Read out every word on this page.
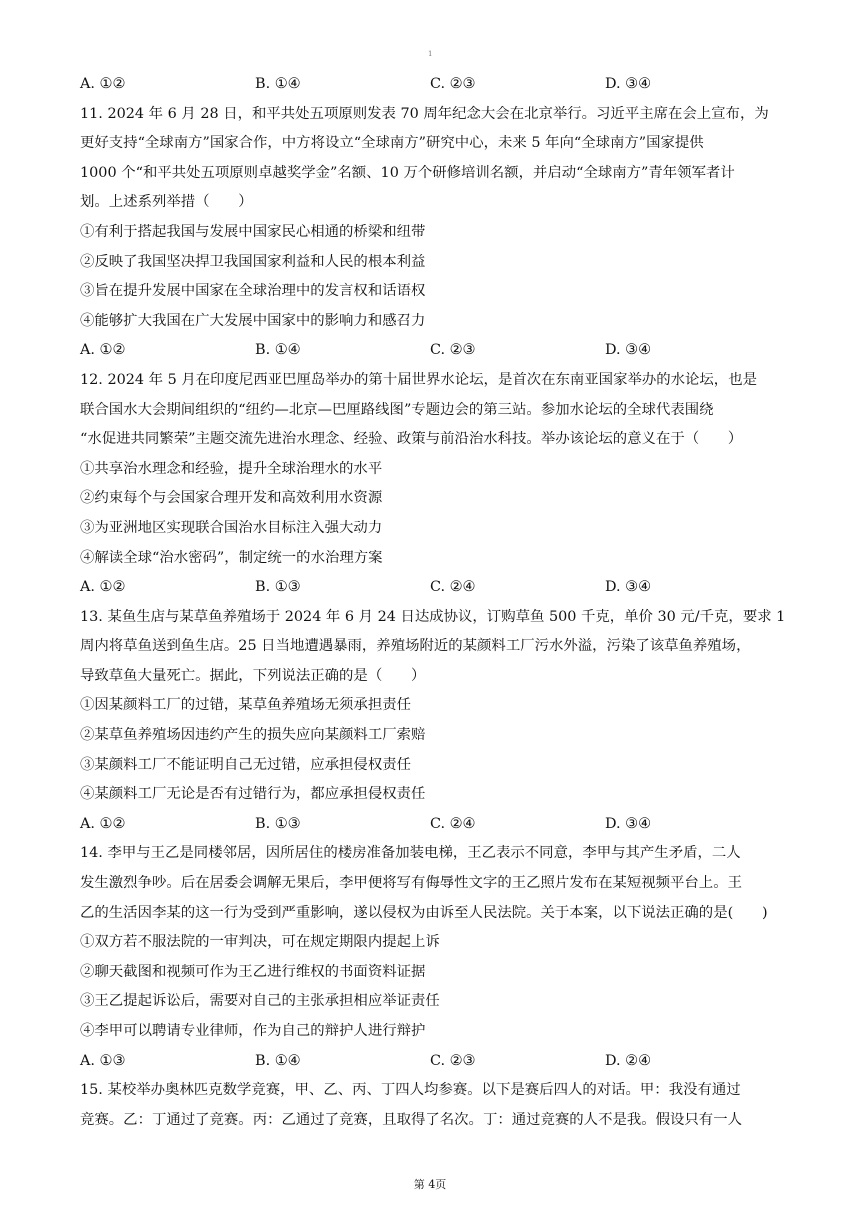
1
A. ①②	B. ①④	C. ②③	D. ③④
11. 2024 年 6 月 28 日，和平共处五项原则发表 70 周年纪念大会在北京举行。习近平主席在会上宣布，为
更好支持“全球南方”国家合作，中方将设立“全球南方”研究中心，未来 5 年向“全球南方”国家提供
1000 个“和平共处五项原则卓越奖学金”名额、10 万个研修培训名额，并启动“全球南方”青年领军者计
划。上述系列举措（　　）
①有利于搭起我国与发展中国家民心相通的桥梁和纽带
②反映了我国坚决捍卫我国国家利益和人民的根本利益
③旨在提升发展中国家在全球治理中的发言权和话语权
④能够扩大我国在广大发展中国家中的影响力和感召力
A. ①②	B. ①④	C. ②③	D. ③④
12. 2024 年 5 月在印度尼西亚巴厘岛举办的第十届世界水论坛，是首次在东南亚国家举办的水论坛，也是
联合国水大会期间组织的“纽约—北京—巴厘路线图”专题边会的第三站。参加水论坛的全球代表围绕
“水促进共同繁荣”主题交流先进治水理念、经验、政策与前沿治水科技。举办该论坛的意义在于（　　）
①共享治水理念和经验，提升全球治理水的水平
②约束每个与会国家合理开发和高效利用水资源
③为亚洲地区实现联合国治水目标注入强大动力
④解读全球“治水密码”，制定统一的水治理方案
A. ①②	B. ①③	C. ②④	D. ③④
13. 某鱼生店与某草鱼养殖场于 2024 年 6 月 24 日达成协议，订购草鱼 500 千克，单价 30 元/千克，要求 1
周内将草鱼送到鱼生店。25 日当地遭遇暴雨，养殖场附近的某颜料工厂污水外溢，污染了该草鱼养殖场，
导致草鱼大量死亡。据此，下列说法正确的是（　　）
①因某颜料工厂的过错，某草鱼养殖场无须承担责任
②某草鱼养殖场因违约产生的损失应向某颜料工厂索赔
③某颜料工厂不能证明自己无过错，应承担侵权责任
④某颜料工厂无论是否有过错行为，都应承担侵权责任
A. ①②	B. ①③	C. ②④	D. ③④
14. 李甲与王乙是同楼邻居，因所居住的楼房准备加装电梯，王乙表示不同意，李甲与其产生矛盾，二人
发生激烈争吵。后在居委会调解无果后，李甲便将写有侮辱性文字的王乙照片发布在某短视频平台上。王
乙的生活因李某的这一行为受到严重影响，遂以侵权为由诉至人民法院。关于本案，以下说法正确的是(　　)
①双方若不服法院的一审判决，可在规定期限内提起上诉
②聊天截图和视频可作为王乙进行维权的书面资料证据
③王乙提起诉讼后，需要对自己的主张承担相应举证责任
④李甲可以聘请专业律师，作为自己的辩护人进行辩护
A. ①③	B. ①④	C. ②③	D. ②④
15. 某校举办奥林匹克数学竞赛，甲、乙、丙、丁四人均参赛。以下是赛后四人的对话。甲：我没有通过
竞赛。乙：丁通过了竞赛。丙：乙通过了竞赛，且取得了名次。丁：通过竞赛的人不是我。假设只有一人
第 4页
